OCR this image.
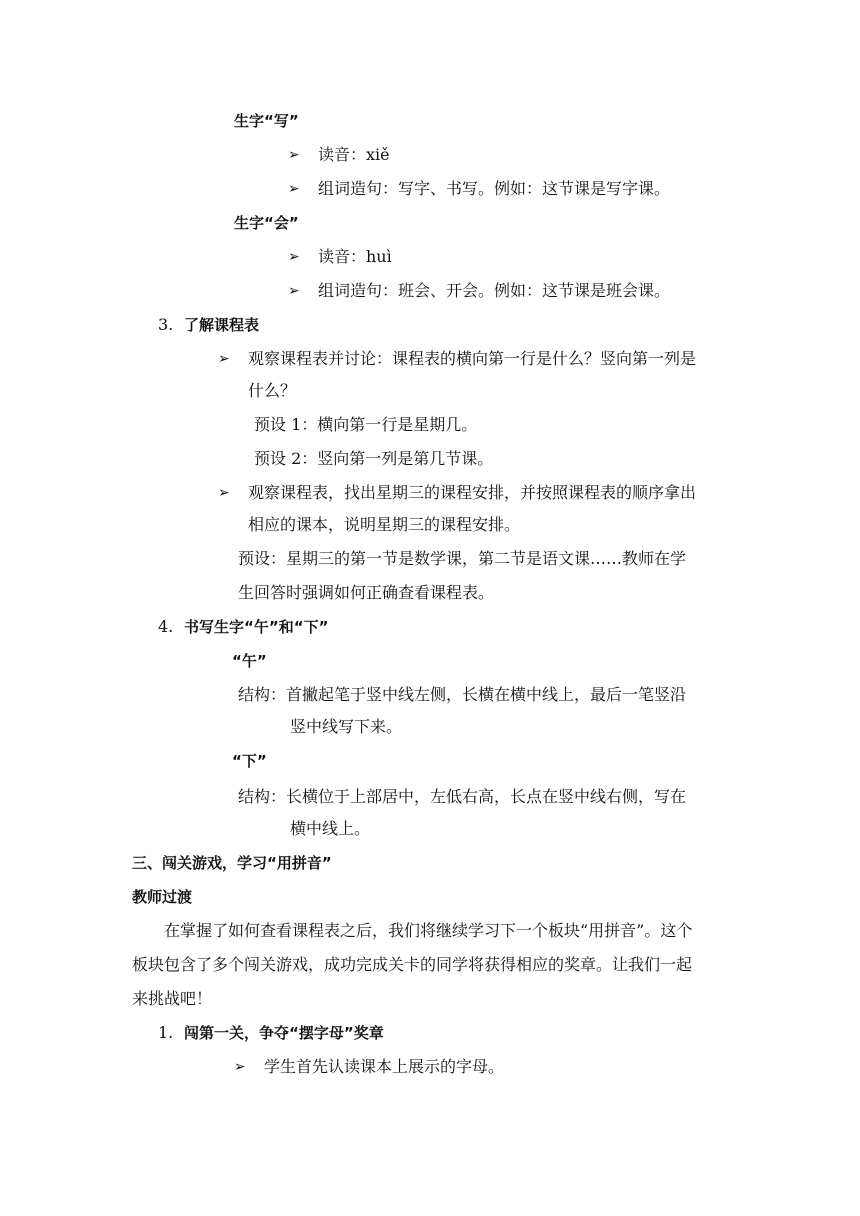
生字“写”
➢ 读音：xiě
➢ 组词造句：写字、书写。例如：这节课是写字课。
生字“会”
➢ 读音：huì
➢ 组词造句：班会、开会。例如：这节课是班会课。
3. 了解课程表
➢ 观察课程表并讨论：课程表的横向第一行是什么？竖向第一列是
什么？
预设 1：横向第一行是星期几。
预设 2：竖向第一列是第几节课。
➢ 观察课程表，找出星期三的课程安排，并按照课程表的顺序拿出
相应的课本，说明星期三的课程安排。
预设：星期三的第一节是数学课，第二节是语文课……教师在学
生回答时强调如何正确查看课程表。
4. 书写生字“午”和“下”
“午”
结构：首撇起笔于竖中线左侧，长横在横中线上，最后一笔竖沿
竖中线写下来。
“下”
结构：长横位于上部居中，左低右高，长点在竖中线右侧，写在
横中线上。
三、闯关游戏，学习“用拼音”
教师过渡
在掌握了如何查看课程表之后，我们将继续学习下一个板块“用拼音”。这个
板块包含了多个闯关游戏，成功完成关卡的同学将获得相应的奖章。让我们一起
来挑战吧！
1. 闯第一关，争夺“摆字母”奖章
➢ 学生首先认读课本上展示的字母。
